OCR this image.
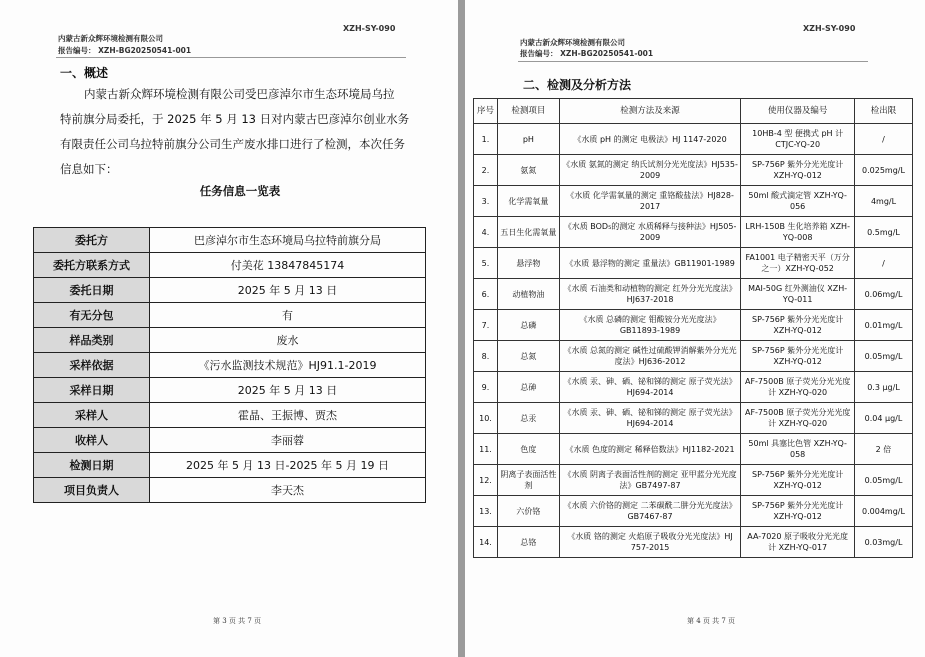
XZH-SY-090
内蒙古新众辉环境检测有限公司
报告编号： XZH-BG20250541-001
一、概述
内蒙古新众辉环境检测有限公司受巴彦淖尔市生态环境局乌拉
特前旗分局委托，于 2025 年 5 月 13 日对内蒙古巴彦淖尔创业水务
有限责任公司乌拉特前旗分公司生产废水排口进行了检测，本次任务
信息如下：
任务信息一览表
委托方	巴彦淖尔市生态环境局乌拉特前旗分局
委托方联系方式	付美花 13847845174
委托日期	2025 年 5 月 13 日
有无分包	有
样品类别	废水
采样依据	《污水监测技术规范》HJ91.1-2019
采样日期	2025 年 5 月 13 日
采样人	霍晶、王振博、贾杰
收样人	李丽蓉
检测日期	2025 年 5 月 13 日-2025 年 5 月 19 日
项目负责人	李天杰
第 3 页 共 7 页
XZH-SY-090
内蒙古新众辉环境检测有限公司
报告编号： XZH-BG20250541-001
二、检测及分析方法
序号	检测项目	检测方法及来源	使用仪器及编号	检出限
1.	pH	《水质 pH 的测定 电极法》HJ 1147-2020	10HB-4 型 便携式 pH 计 CTJC-YQ-20	/
2.	氨氮	《水质 氨氮的测定 纳氏试剂分光光度法》HJ535-2009	SP-756P 紫外分光光度计 XZH-YQ-012	0.025mg/L
3.	化学需氧量	《水质 化学需氧量的测定 重铬酸盐法》HJ828-2017	50ml 酸式滴定管 XZH-YQ-056	4mg/L
4.	五日生化需氧量	《水质 BOD₅的测定 水质稀释与接种法》HJ505-2009	LRH-150B 生化培养箱 XZH-YQ-008	0.5mg/L
5.	悬浮物	《水质 悬浮物的测定 重量法》GB11901-1989	FA1001 电子精密天平（万分之一）XZH-YQ-052	/
6.	动植物油	《水质 石油类和动植物的测定 红外分光光度法》HJ637-2018	MAI-50G 红外测油仪 XZH-YQ-011	0.06mg/L
7.	总磷	《水质 总磷的测定 钼酸铵分光光度法》GB11893-1989	SP-756P 紫外分光光度计 XZH-YQ-012	0.01mg/L
8.	总氮	《水质 总氮的测定 碱性过硫酸钾消解紫外分光光度法》HJ636-2012	SP-756P 紫外分光光度计 XZH-YQ-012	0.05mg/L
9.	总砷	《水质 汞、砷、硒、铋和锑的测定 原子荧光法》HJ694-2014	AF-7500B 原子荧光分光光度计 XZH-YQ-020	0.3 μg/L
10.	总汞	《水质 汞、砷、硒、铋和锑的测定 原子荧光法》HJ694-2014	AF-7500B 原子荧光分光光度计 XZH-YQ-020	0.04 μg/L
11.	色度	《水质 色度的测定 稀释倍数法》HJ1182-2021	50ml 具塞比色管 XZH-YQ-058	2 倍
12.	阴离子表面活性剂	《水质 阴离子表面活性剂的测定 亚甲蓝分光光度法》GB7497-87	SP-756P 紫外分光光度计 XZH-YQ-012	0.05mg/L
13.	六价铬	《水质 六价铬的测定 二苯碳酰二肼分光光度法》GB7467-87	SP-756P 紫外分光光度计 XZH-YQ-012	0.004mg/L
14.	总铬	《水质 铬的测定 火焰原子吸收分光光度法》HJ 757-2015	AA-7020 原子吸收分光光度计 XZH-YQ-017	0.03mg/L
第 4 页 共 7 页
